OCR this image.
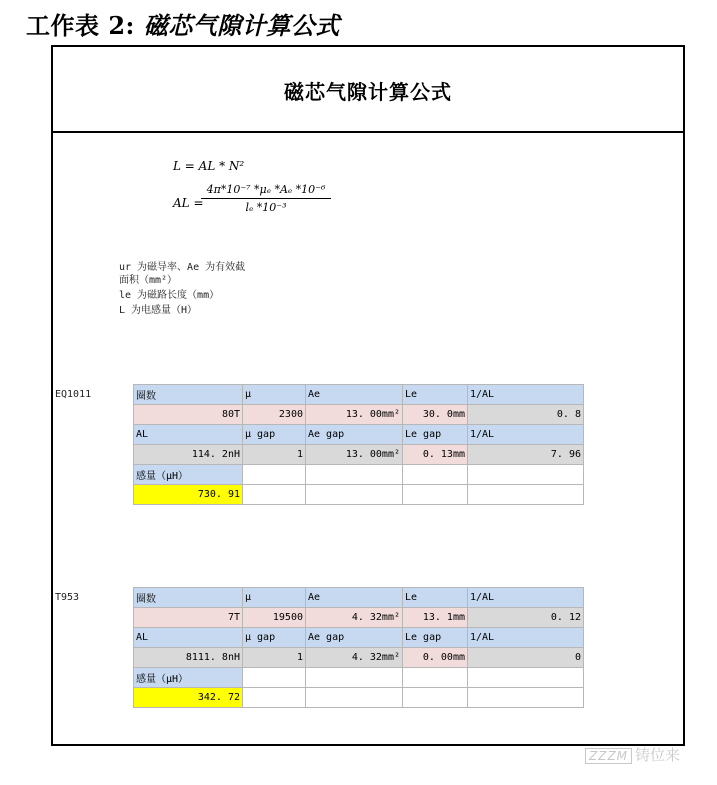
工作表 2: 磁芯气隙计算公式
磁芯气隙计算公式
L = AL * N²
AL =
$\frac{\text{4π*10⁻⁷ *μₑ *Aₑ *10⁻⁶}}{\text{lₑ *10⁻³}}$
ur 为磁导率、Ae 为有效截面积（mm²）
le 为磁路长度（mm）
L 为电感量（H）
EQ1011	圈数	μ	Ae	Le	1/AL
80T	2300	13. 00mm²	30. 0mm	0. 8
AL	μ gap	Ae gap	Le gap	1/AL
114. 2nH	1	13. 00mm²	0. 13mm	7. 96
感量（μH）				
730. 91				
T953	圈数	μ	Ae	Le	1/AL
7T	19500	4. 32mm²	13. 1mm	0. 12
AL	μ gap	Ae gap	Le gap	1/AL
8111. 8nH	1	4. 32mm²	0. 00mm	0
感量（μH）				
342. 72				
ZZZM 铸位来
